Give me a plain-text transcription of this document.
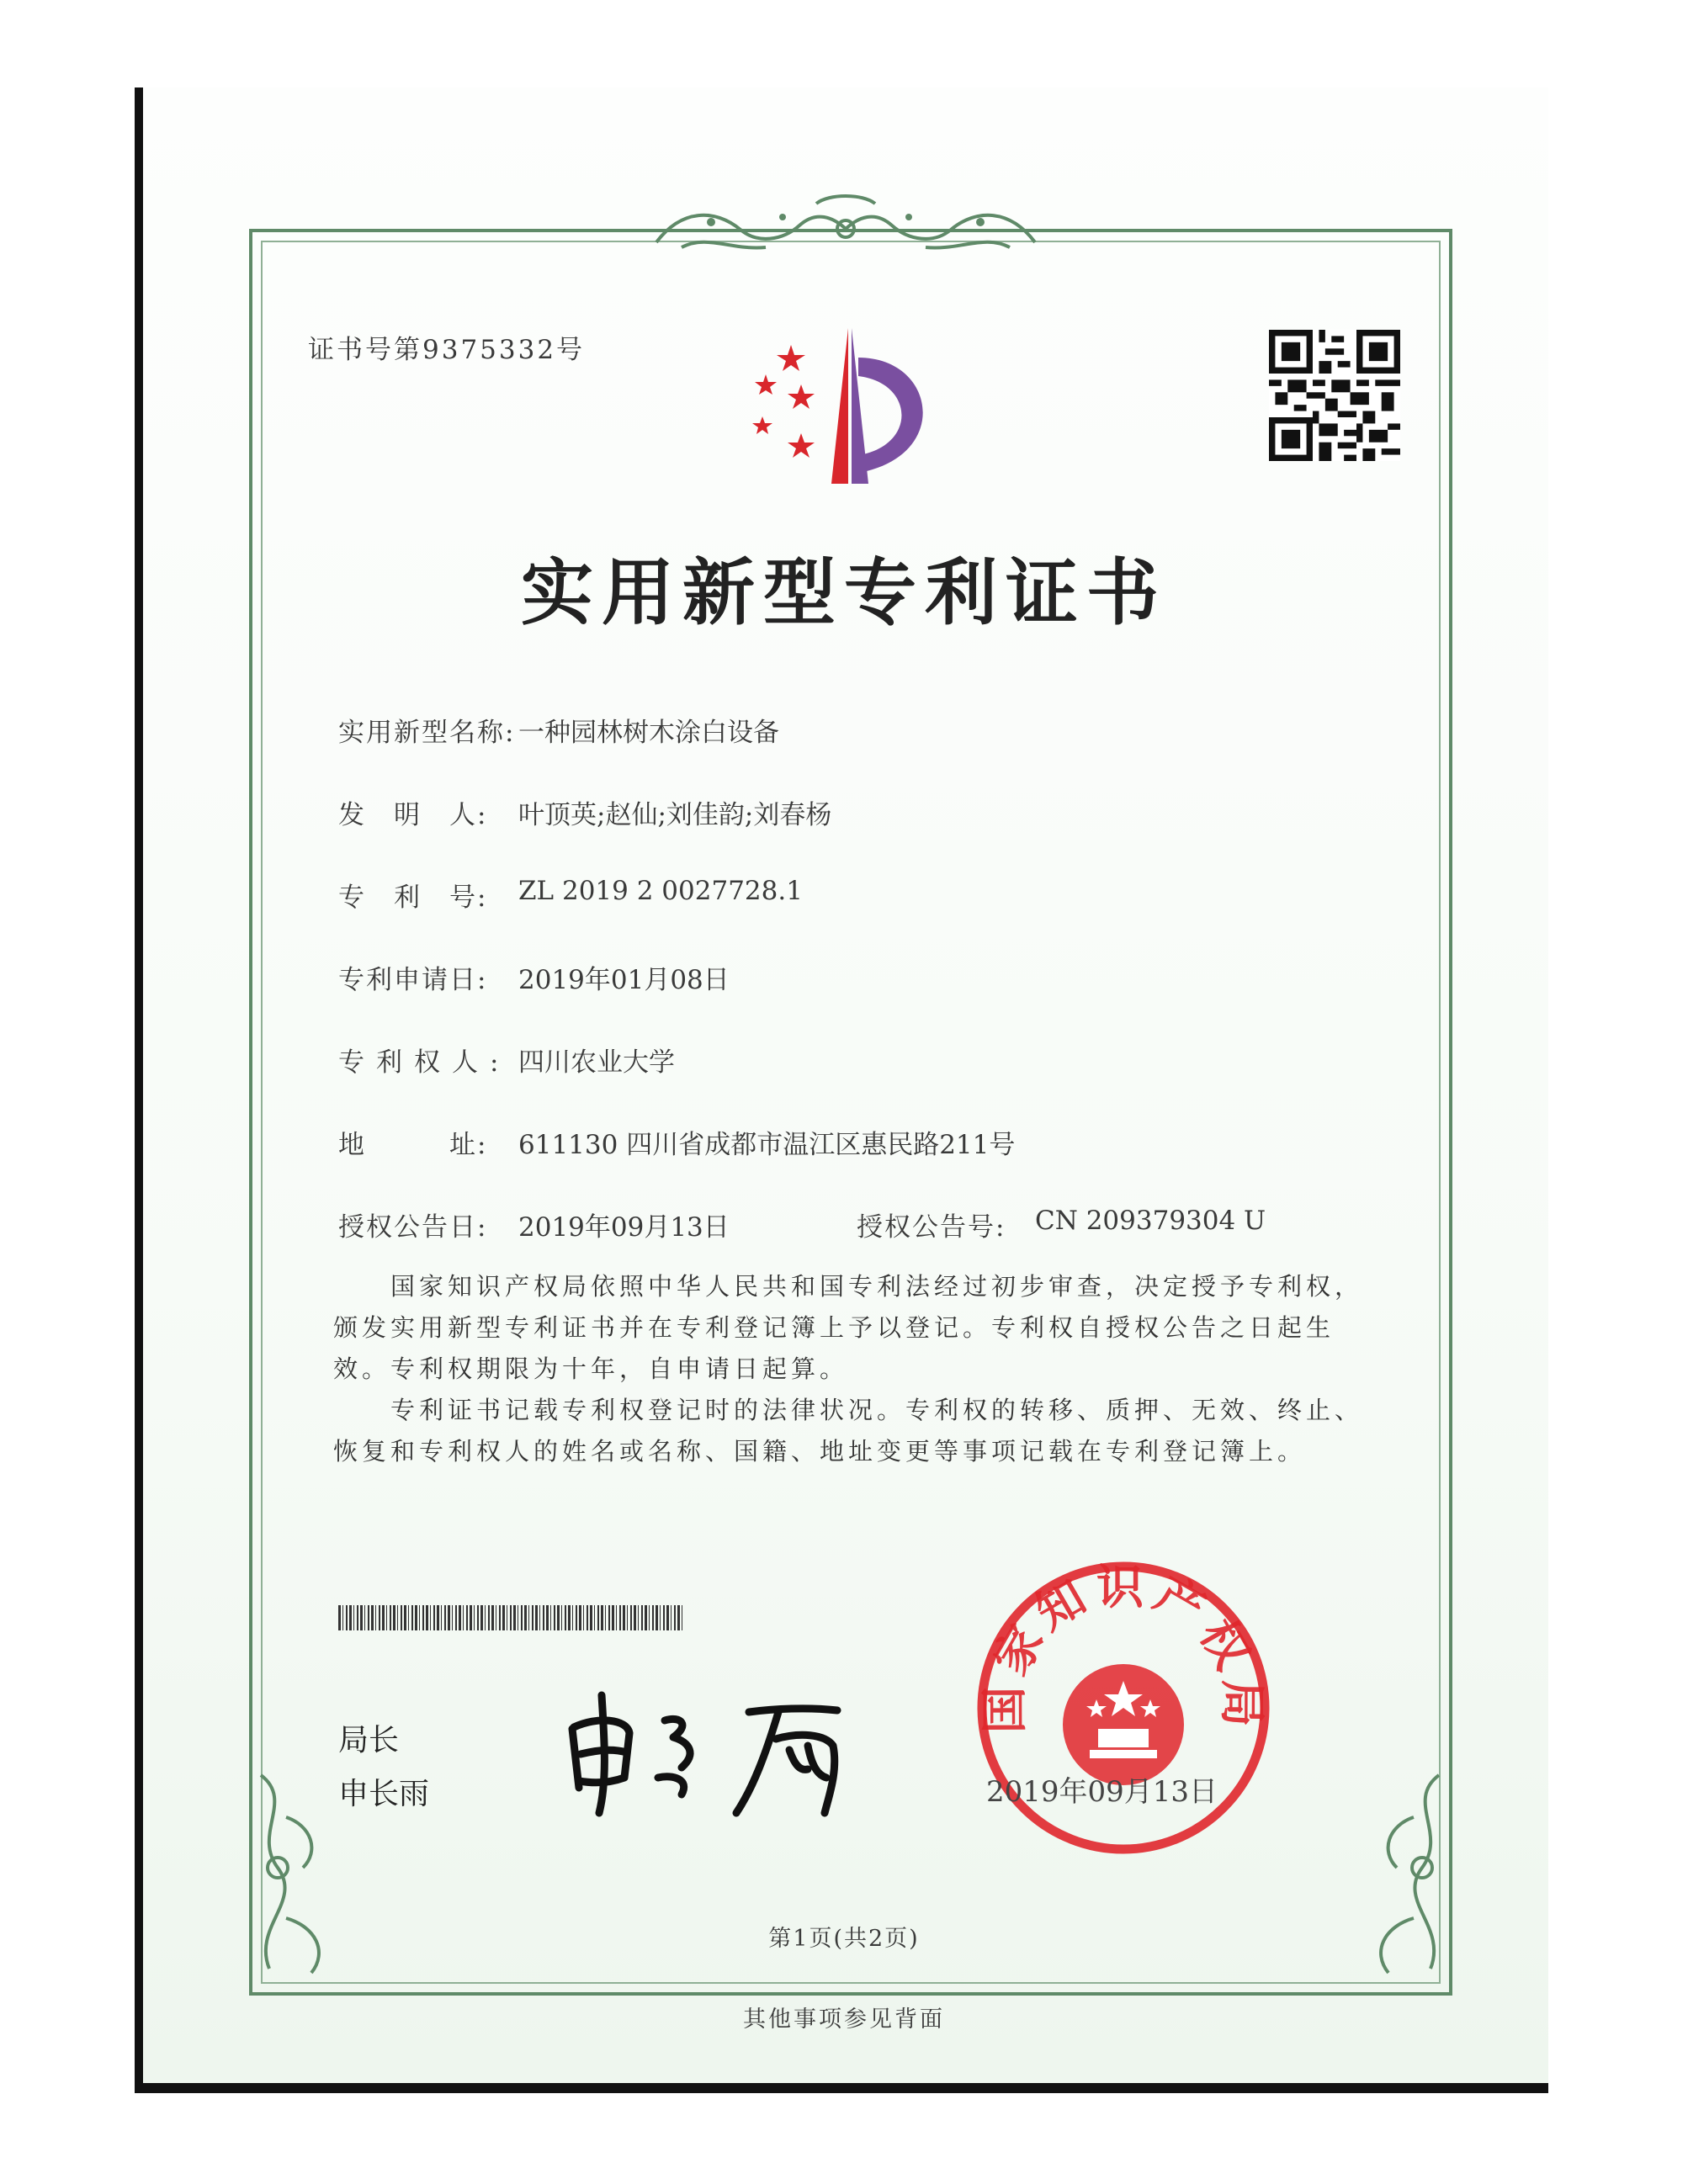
证书号第9375332号
实用新型专利证书
实用新型名称: 一种园林树木涂白设备
发　明　人: 叶顶英;赵仙;刘佳韵;刘春杨
专　利　号: ZL 2019 2 0027728.1
专利申请日: 2019年01月08日
专利权人: 四川农业大学
地　　　址: 611130 四川省成都市温江区惠民路211号
授权公告日: 2019年09月13日	授权公告号: CN 209379304 U
国家知识产权局依照中华人民共和国专利法经过初步审查，决定授予专利权，颁发实用新型专利证书并在专利登记簿上予以登记。专利权自授权公告之日起生效。专利权期限为十年，自申请日起算。
专利证书记载专利权登记时的法律状况。专利权的转移、质押、无效、终止、恢复和专利权人的姓名或名称、国籍、地址变更等事项记载在专利登记簿上。
局长
申长雨
国家知识产权局
2019年09月13日
第1页(共2页)
其他事项参见背面
